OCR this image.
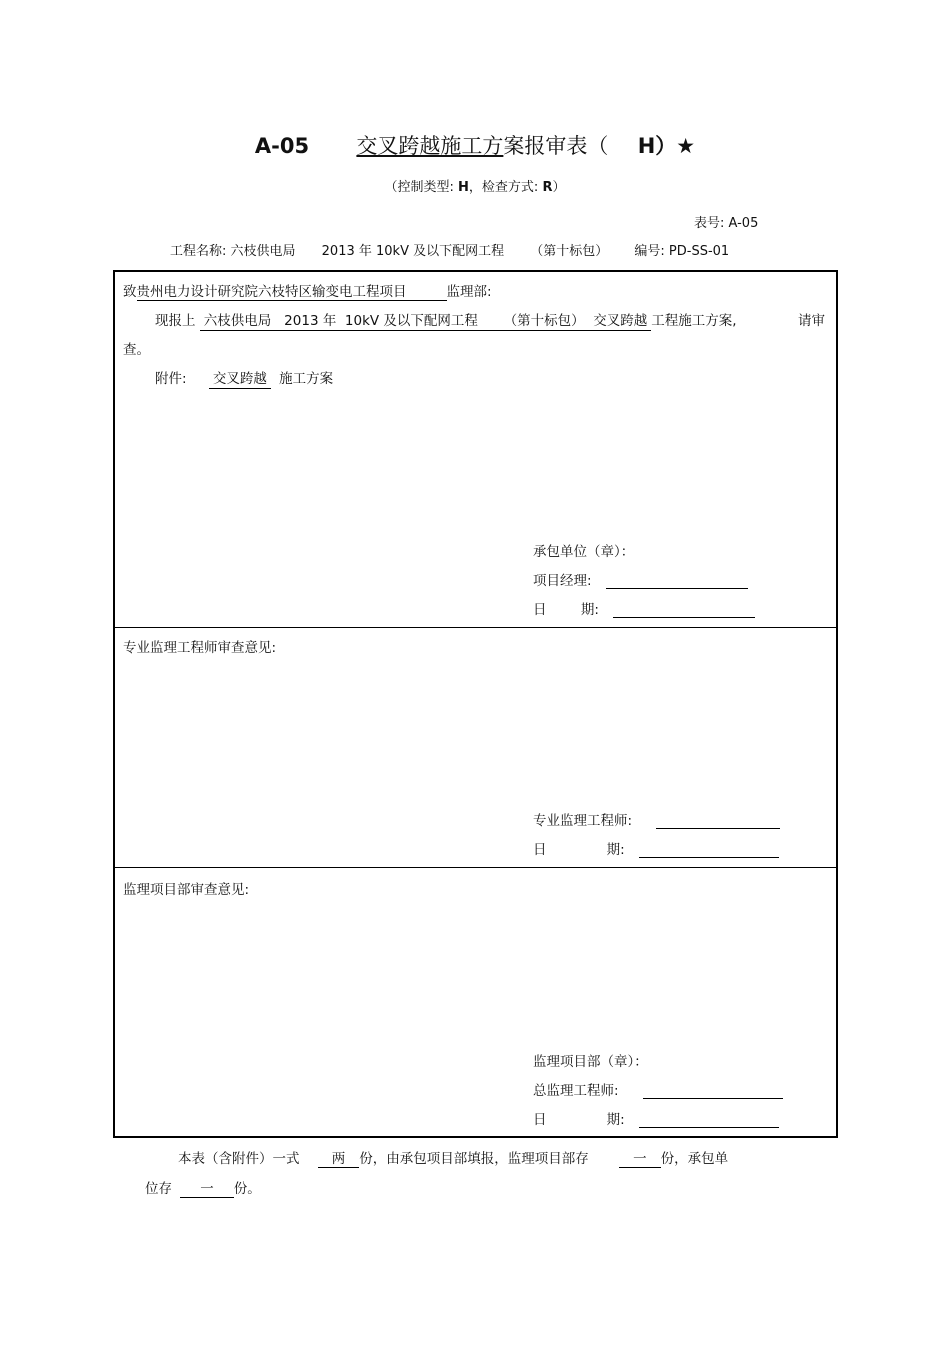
A-05 交叉跨越施工方案报审表（ H）★
（控制类型: H，检查方式: R）
表号: A-05
工程名称: 六枝供电局 2013 年 10kV 及以下配网工程 （第十标包） 编号: PD-SS-01
致贵州电力设计研究院六枝特区输变电工程项目	监理部:
现报上 六枝供电局   2013 年  10kV 及以下配网工程      （第十标包）  交叉跨越 工程施工方案,	请审
查。
附件: 交叉跨越 施工方案
承包单位（章）：
项目经理:
日        期:
专业监理工程师审查意见:
专业监理工程师:
日              期:
监理项目部审查意见:
监理项目部（章）：
总监理工程师:
日              期:
本表（含附件）一式 两 份，由承包项目部填报，监理项目部存	一 份，承包单
位存 一 份。
